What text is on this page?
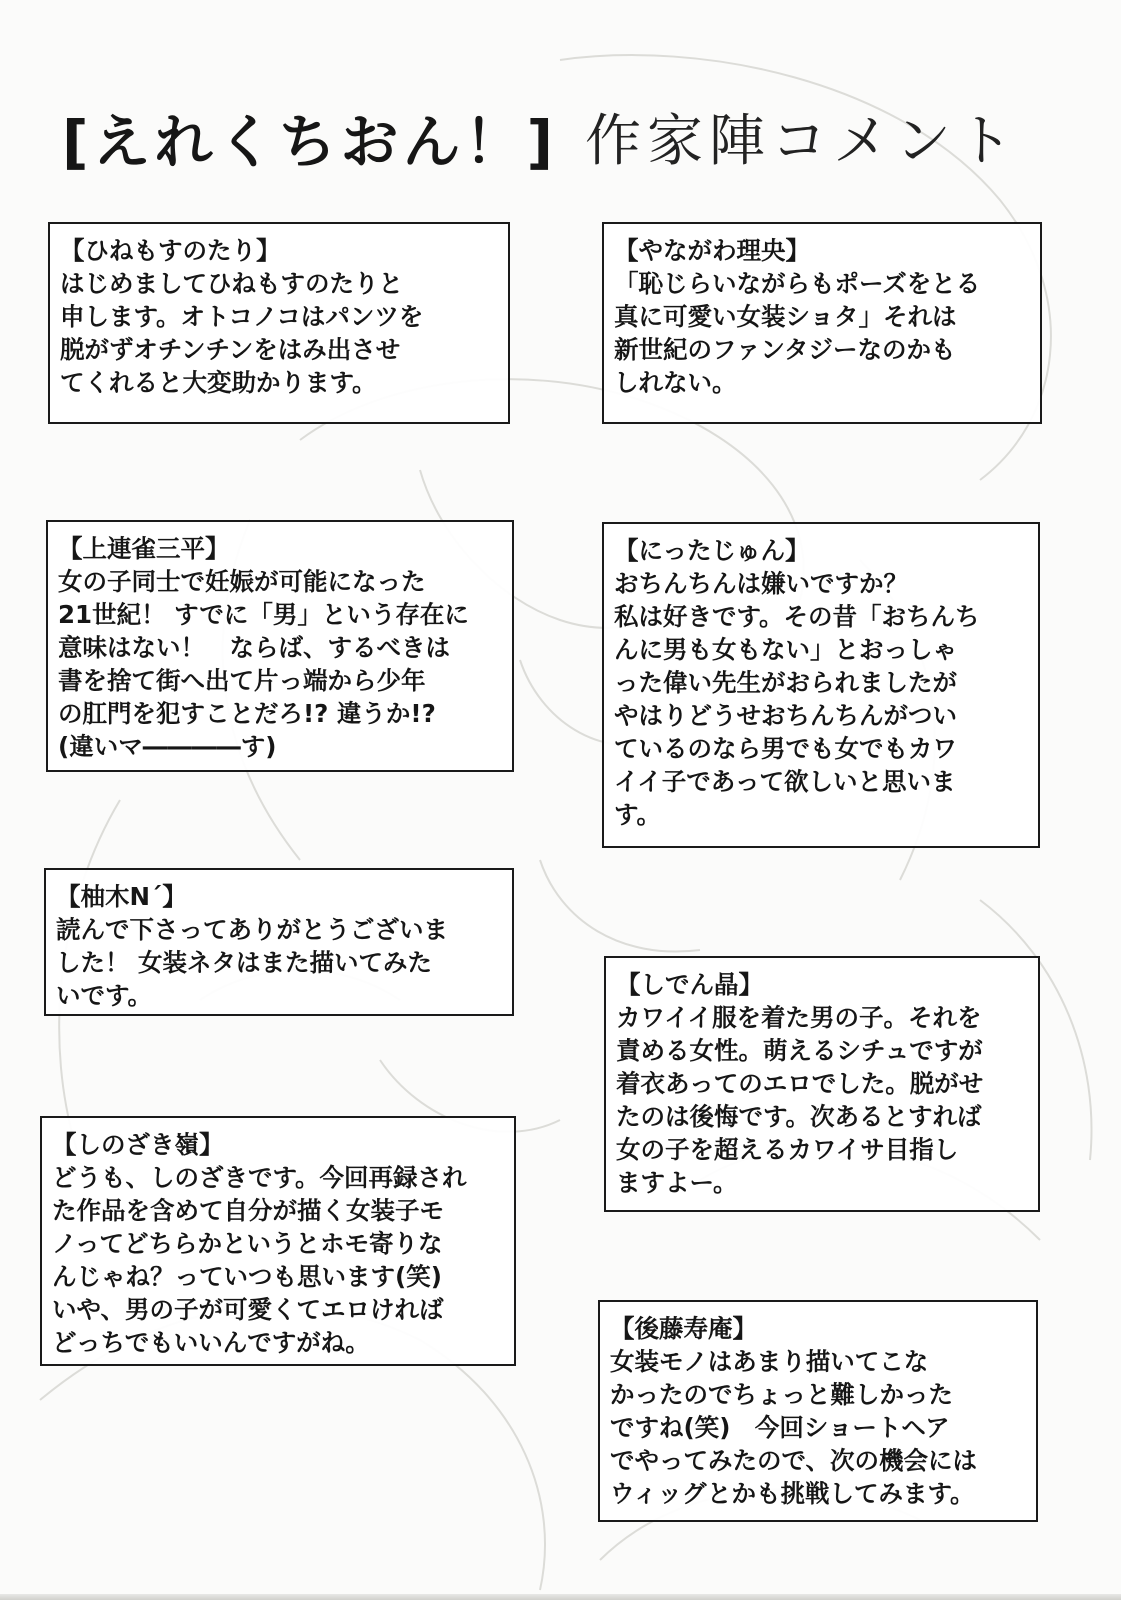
[えれくちおん！] 作家陣コメント
【ひねもすのたり】
はじめましてひねもすのたりと
申します。オトコノコはパンツを
脱がずオチンチンをはみ出させ
てくれると大変助かります。
【やながわ理央】
「恥じらいながらもポーズをとる
真に可愛い女装ショタ」それは
新世紀のファンタジーなのかも
しれない。
【上連雀三平】
女の子同士で妊娠が可能になった
21世紀！ すでに「男」という存在に
意味はない！　ならば、するべきは
書を捨て街へ出て片っ端から少年
の肛門を犯すことだろ!? 違うか!?
(違いマ――――す)
【にったじゅん】
おちんちんは嫌いですか？
私は好きです。その昔「おちんち
んに男も女もない」とおっしゃ
った偉い先生がおられましたが
やはりどうせおちんちんがつい
ているのなら男でも女でもカワ
イイ子であって欲しいと思いま
す。
【柚木N´】
読んで下さってありがとうございま
した！ 女装ネタはまた描いてみた
いです。	【しでん晶】
カワイイ服を着た男の子。それを
責める女性。萌えるシチュですが
着衣あってのエロでした。脱がせ
たのは後悔です。次あるとすれば
女の子を超えるカワイサ目指し
ますよー。
【しのざき嶺】
どうも、しのざきです。今回再録され
た作品を含めて自分が描く女装子モ
ノってどちらかというとホモ寄りな
んじゃね？っていつも思います(笑)
いや、男の子が可愛くてエロければ
どっちでもいいんですがね。	【後藤寿庵】
女装モノはあまり描いてこな
かったのでちょっと難しかった
ですね(笑)　今回ショートヘア
でやってみたので、次の機会には
ウィッグとかも挑戦してみます。
